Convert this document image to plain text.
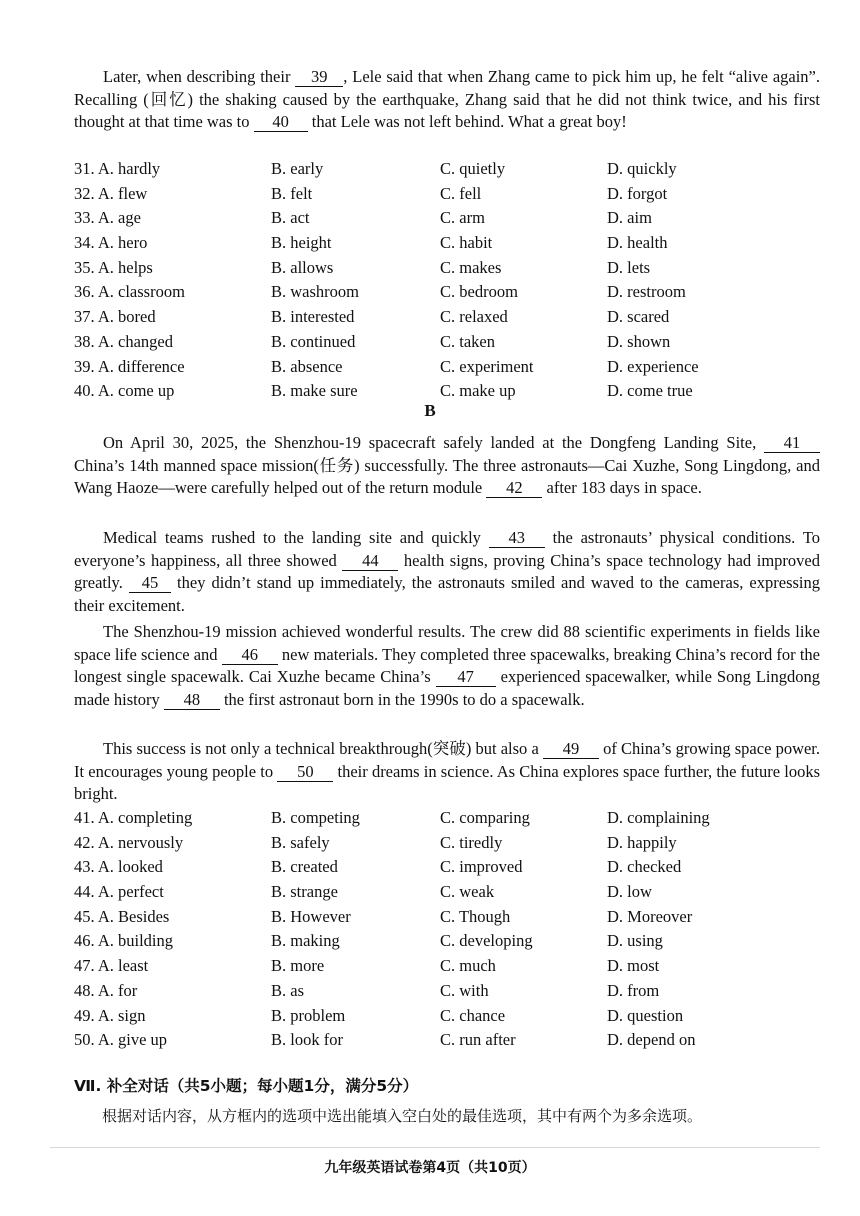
Later, when describing their 39 , Lele said that when Zhang came to pick him up, he felt “alive again”. Recalling (回忆) the shaking caused by the earthquake, Zhang said that he did not think twice, and his first thought at that time was to 40 that Lele was not left behind. What a great boy!

31. A. hardly	B. early	C. quietly	D. quickly
32. A. flew	B. felt	C. fell	D. forgot
33. A. age	B. act	C. arm	D. aim
34. A. hero	B. height	C. habit	D. health
35. A. helps	B. allows	C. makes	D. lets
36. A. classroom	B. washroom	C. bedroom	D. restroom
37. A. bored	B. interested	C. relaxed	D. scared
38. A. changed	B. continued	C. taken	D. shown
39. A. difference	B. absence	C. experiment	D. experience
40. A. come up	B. make sure	C. make up	D. come true
B

On April 30, 2025, the Shenzhou-19 spacecraft safely landed at the Dongfeng Landing Site, 41 China’s 14th manned space mission(任务) successfully. The three astronauts—Cai Xuzhe, Song Lingdong, and Wang Haoze—were carefully helped out of the return module 42 after 183 days in space.

Medical teams rushed to the landing site and quickly 43 the astronauts’ physical conditions. To everyone’s happiness, all three showed 44 health signs, proving China’s space technology had improved greatly. 45 they didn’t stand up immediately, the astronauts smiled and waved to the cameras, expressing their excitement.

The Shenzhou-19 mission achieved wonderful results. The crew did 88 scientific experiments in fields like space life science and 46 new materials. They completed three spacewalks, breaking China’s record for the longest single spacewalk. Cai Xuzhe became China’s 47 experienced spacewalker, while Song Lingdong made history 48 the first astronaut born in the 1990s to do a spacewalk.

This success is not only a technical breakthrough(突破) but also a 49 of China’s growing space power. It encourages young people to 50 their dreams in science. As China explores space further, the future looks bright.

41. A. completing	B. competing	C. comparing	D. complaining
42. A. nervously	B. safely	C. tiredly	D. happily
43. A. looked	B. created	C. improved	D. checked
44. A. perfect	B. strange	C. weak	D. low
45. A. Besides	B. However	C. Though	D. Moreover
46. A. building	B. making	C. developing	D. using
47. A. least	B. more	C. much	D. most
48. A. for	B. as	C. with	D. from
49. A. sign	B. problem	C. chance	D. question
50. A. give up	B. look for	C. run after	D. depend on
Ⅶ. 补全对话（共5小题；每小题1分，满分5分）
根据对话内容，从方框内的选项中选出能填入空白处的最佳选项，其中有两个为多余选项。
九年级英语试卷第4页（共10页）
